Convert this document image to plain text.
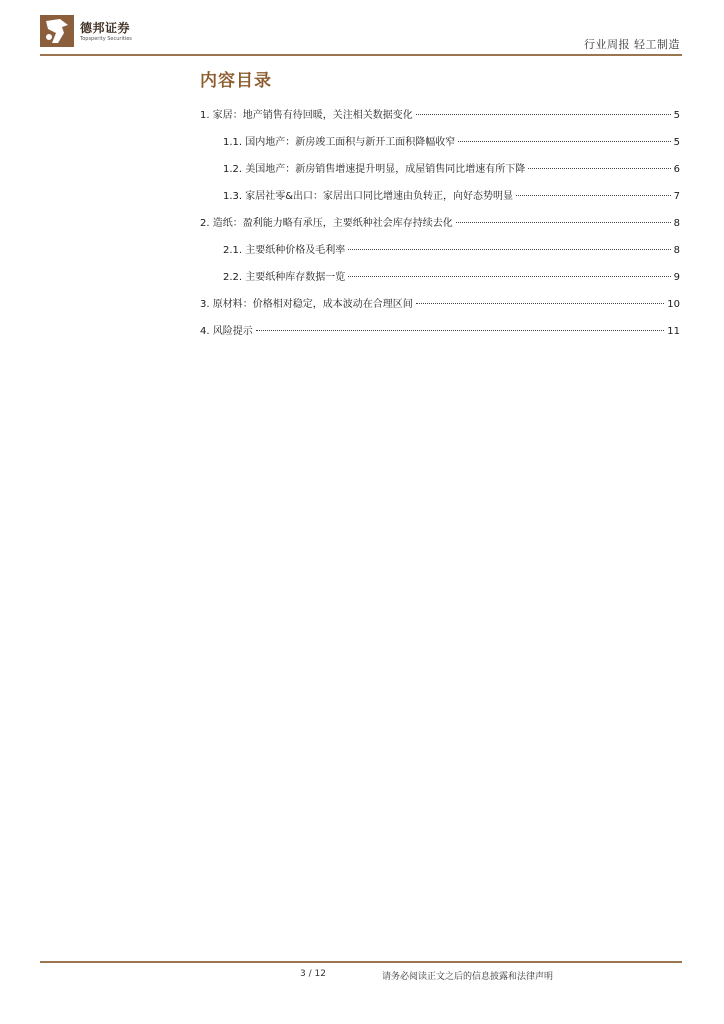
德邦证券
Topsperity Securities	行业周报 轻工制造
内容目录
1. 家居：地产销售有待回暖，关注相关数据变化	5
1.1. 国内地产：新房竣工面积与新开工面积降幅收窄	5
1.2. 美国地产：新房销售增速提升明显，成屋销售同比增速有所下降	6
1.3. 家居社零&出口：家居出口同比增速由负转正，向好态势明显	7
2. 造纸：盈利能力略有承压，主要纸种社会库存持续去化	8
2.1. 主要纸种价格及毛利率	8
2.2. 主要纸种库存数据一览	9
3. 原材料：价格相对稳定，成本波动在合理区间	10
4. 风险提示	11
3 / 12	请务必阅读正文之后的信息披露和法律声明
